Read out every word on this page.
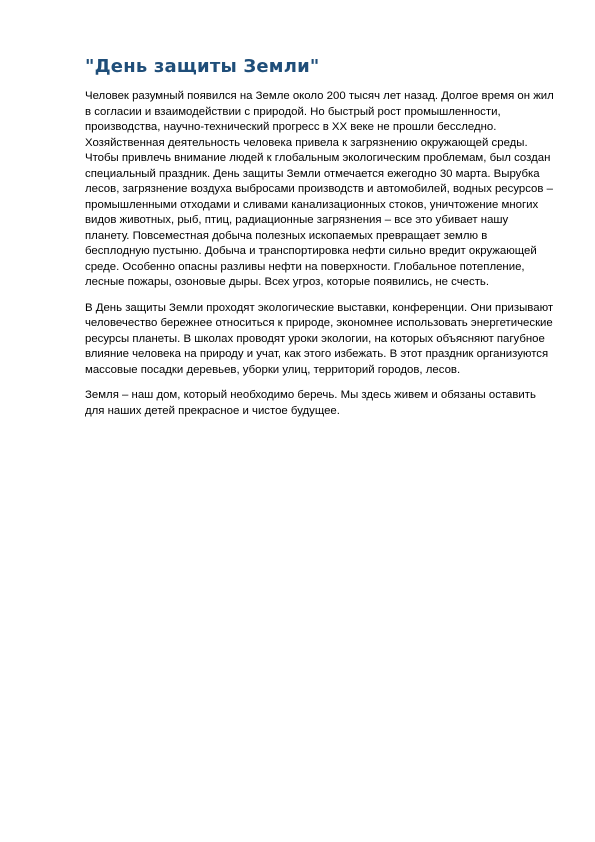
"День защиты Земли"

Человек разумный появился на Земле около 200 тысяч лет назад. Долгое время он жил в согласии и взаимодействии с природой. Но быстрый рост промышленности, производства, научно-технический прогресс в XX веке не прошли бесследно. Хозяйственная деятельность человека привела к загрязнению окружающей среды. Чтобы привлечь внимание людей к глобальным экологическим проблемам, был создан специальный праздник. День защиты Земли отмечается ежегодно 30 марта. Вырубка лесов, загрязнение воздуха выбросами производств и автомобилей, водных ресурсов – промышленными отходами и сливами канализационных стоков, уничтожение многих видов животных, рыб, птиц, радиационные загрязнения – все это убивает нашу планету. Повсеместная добыча полезных ископаемых превращает землю в бесплодную пустыню. Добыча и транспортировка нефти сильно вредит окружающей среде. Особенно опасны разливы нефти на поверхности. Глобальное потепление, лесные пожары, озоновые дыры. Всех угроз, которые появились, не счесть.

В День защиты Земли проходят экологические выставки, конференции. Они призывают человечество бережнее относиться к природе, экономнее использовать энергетические ресурсы планеты. В школах проводят уроки экологии, на которых объясняют пагубное влияние человека на природу и учат, как этого избежать. В этот праздник организуются массовые посадки деревьев, уборки улиц, территорий городов, лесов.

Земля – наш дом, который необходимо беречь. Мы здесь живем и обязаны оставить для наших детей прекрасное и чистое будущее.
